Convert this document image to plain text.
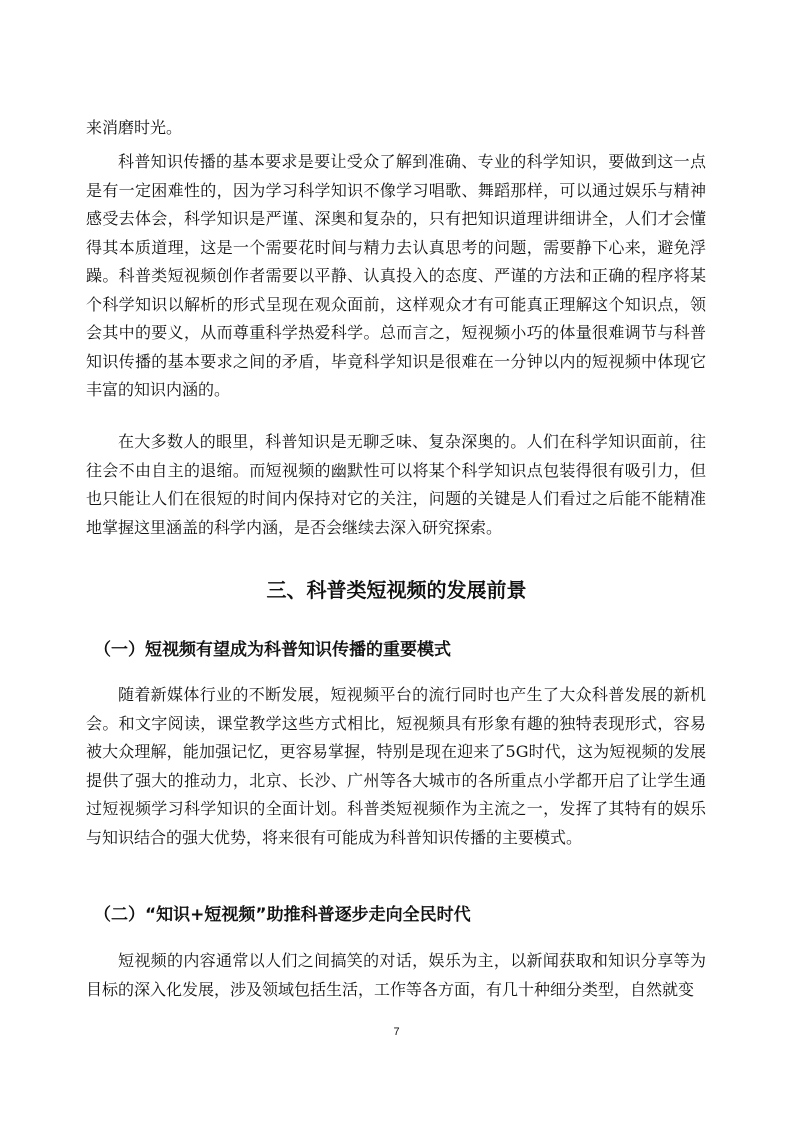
来消磨时光。

科普知识传播的基本要求是要让受众了解到准确、专业的科学知识，要做到这一点是有一定困难性的，因为学习科学知识不像学习唱歌、舞蹈那样，可以通过娱乐与精神感受去体会，科学知识是严谨、深奥和复杂的，只有把知识道理讲细讲全，人们才会懂得其本质道理，这是一个需要花时间与精力去认真思考的问题，需要静下心来，避免浮躁。科普类短视频创作者需要以平静、认真投入的态度、严谨的方法和正确的程序将某个科学知识以解析的形式呈现在观众面前，这样观众才有可能真正理解这个知识点，领会其中的要义，从而尊重科学热爱科学。总而言之，短视频小巧的体量很难调节与科普知识传播的基本要求之间的矛盾，毕竟科学知识是很难在一分钟以内的短视频中体现它丰富的知识内涵的。

在大多数人的眼里，科普知识是无聊乏味、复杂深奥的。人们在科学知识面前，往往会不由自主的退缩。而短视频的幽默性可以将某个科学知识点包装得很有吸引力，但也只能让人们在很短的时间内保持对它的关注，问题的关键是人们看过之后能不能精准地掌握这里涵盖的科学内涵，是否会继续去深入研究探索。

三、科普类短视频的发展前景
（一）短视频有望成为科普知识传播的重要模式

随着新媒体行业的不断发展，短视频平台的流行同时也产生了大众科普发展的新机会。和文字阅读，课堂教学这些方式相比，短视频具有形象有趣的独特表现形式，容易被大众理解，能加强记忆，更容易掌握，特别是现在迎来了5G时代，这为短视频的发展提供了强大的推动力，北京、长沙、广州等各大城市的各所重点小学都开启了让学生通过短视频学习科学知识的全面计划。科普类短视频作为主流之一，发挥了其特有的娱乐与知识结合的强大优势，将来很有可能成为科普知识传播的主要模式。

（二）“知识+短视频”助推科普逐步走向全民时代

短视频的内容通常以人们之间搞笑的对话，娱乐为主，以新闻获取和知识分享等为目标的深入化发展，涉及领域包括生活，工作等各方面，有几十种细分类型，自然就变

7
